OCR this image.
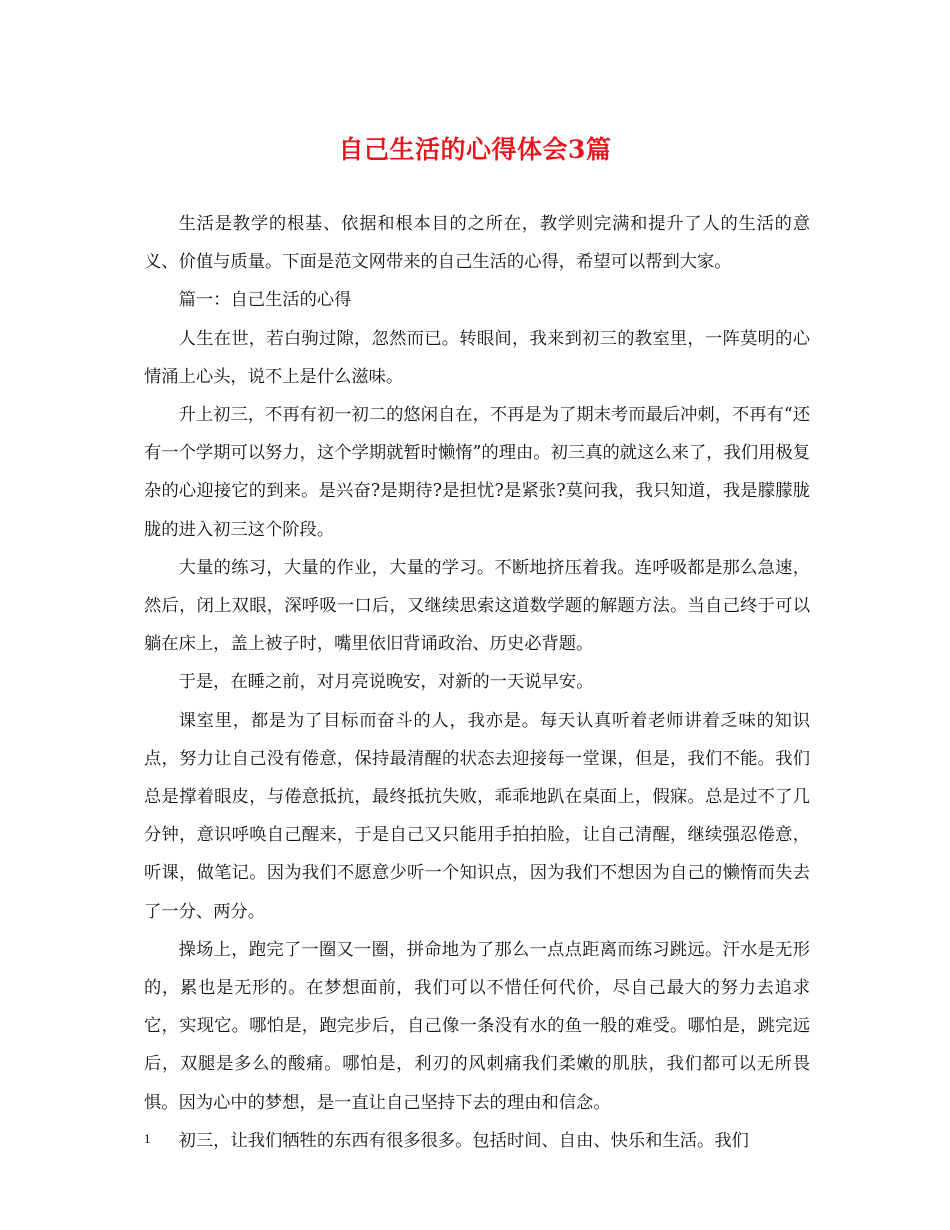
自己生活的心得体会3篇

生活是教学的根基、依据和根本目的之所在，教学则完满和提升了人的生活的意义、价值与质量。下面是范文网带来的自己生活的心得，希望可以帮到大家。

篇一：自己生活的心得

人生在世，若白驹过隙，忽然而已。转眼间，我来到初三的教室里，一阵莫明的心情涌上心头，说不上是什么滋味。

升上初三，不再有初一初二的悠闲自在，不再是为了期末考而最后冲刺，不再有“还有一个学期可以努力，这个学期就暂时懒惰”的理由。初三真的就这么来了，我们用极复杂的心迎接它的到来。是兴奋?是期待?是担忧?是紧张?莫问我，我只知道，我是朦朦胧胧的进入初三这个阶段。

大量的练习，大量的作业，大量的学习。不断地挤压着我。连呼吸都是那么急速，然后，闭上双眼，深呼吸一口后，又继续思索这道数学题的解题方法。当自己终于可以躺在床上，盖上被子时，嘴里依旧背诵政治、历史必背题。

于是，在睡之前，对月亮说晚安，对新的一天说早安。

课室里，都是为了目标而奋斗的人，我亦是。每天认真听着老师讲着乏味的知识点，努力让自己没有倦意，保持最清醒的状态去迎接每一堂课，但是，我们不能。我们总是撑着眼皮，与倦意抵抗，最终抵抗失败，乖乖地趴在桌面上，假寐。总是过不了几分钟，意识呼唤自己醒来，于是自己又只能用手拍拍脸，让自己清醒，继续强忍倦意，听课，做笔记。因为我们不愿意少听一个知识点，因为我们不想因为自己的懒惰而失去了一分、两分。

操场上，跑完了一圈又一圈，拼命地为了那么一点点距离而练习跳远。汗水是无形的，累也是无形的。在梦想面前，我们可以不惜任何代价，尽自己最大的努力去追求它，实现它。哪怕是，跑完步后，自己像一条没有水的鱼一般的难受。哪怕是，跳完远后，双腿是多么的酸痛。哪怕是，利刃的风刺痛我们柔嫩的肌肤，我们都可以无所畏惧。因为心中的梦想，是一直让自己坚持下去的理由和信念。

初三，让我们牺牲的东西有很多很多。包括时间、自由、快乐和生活。我们

1
